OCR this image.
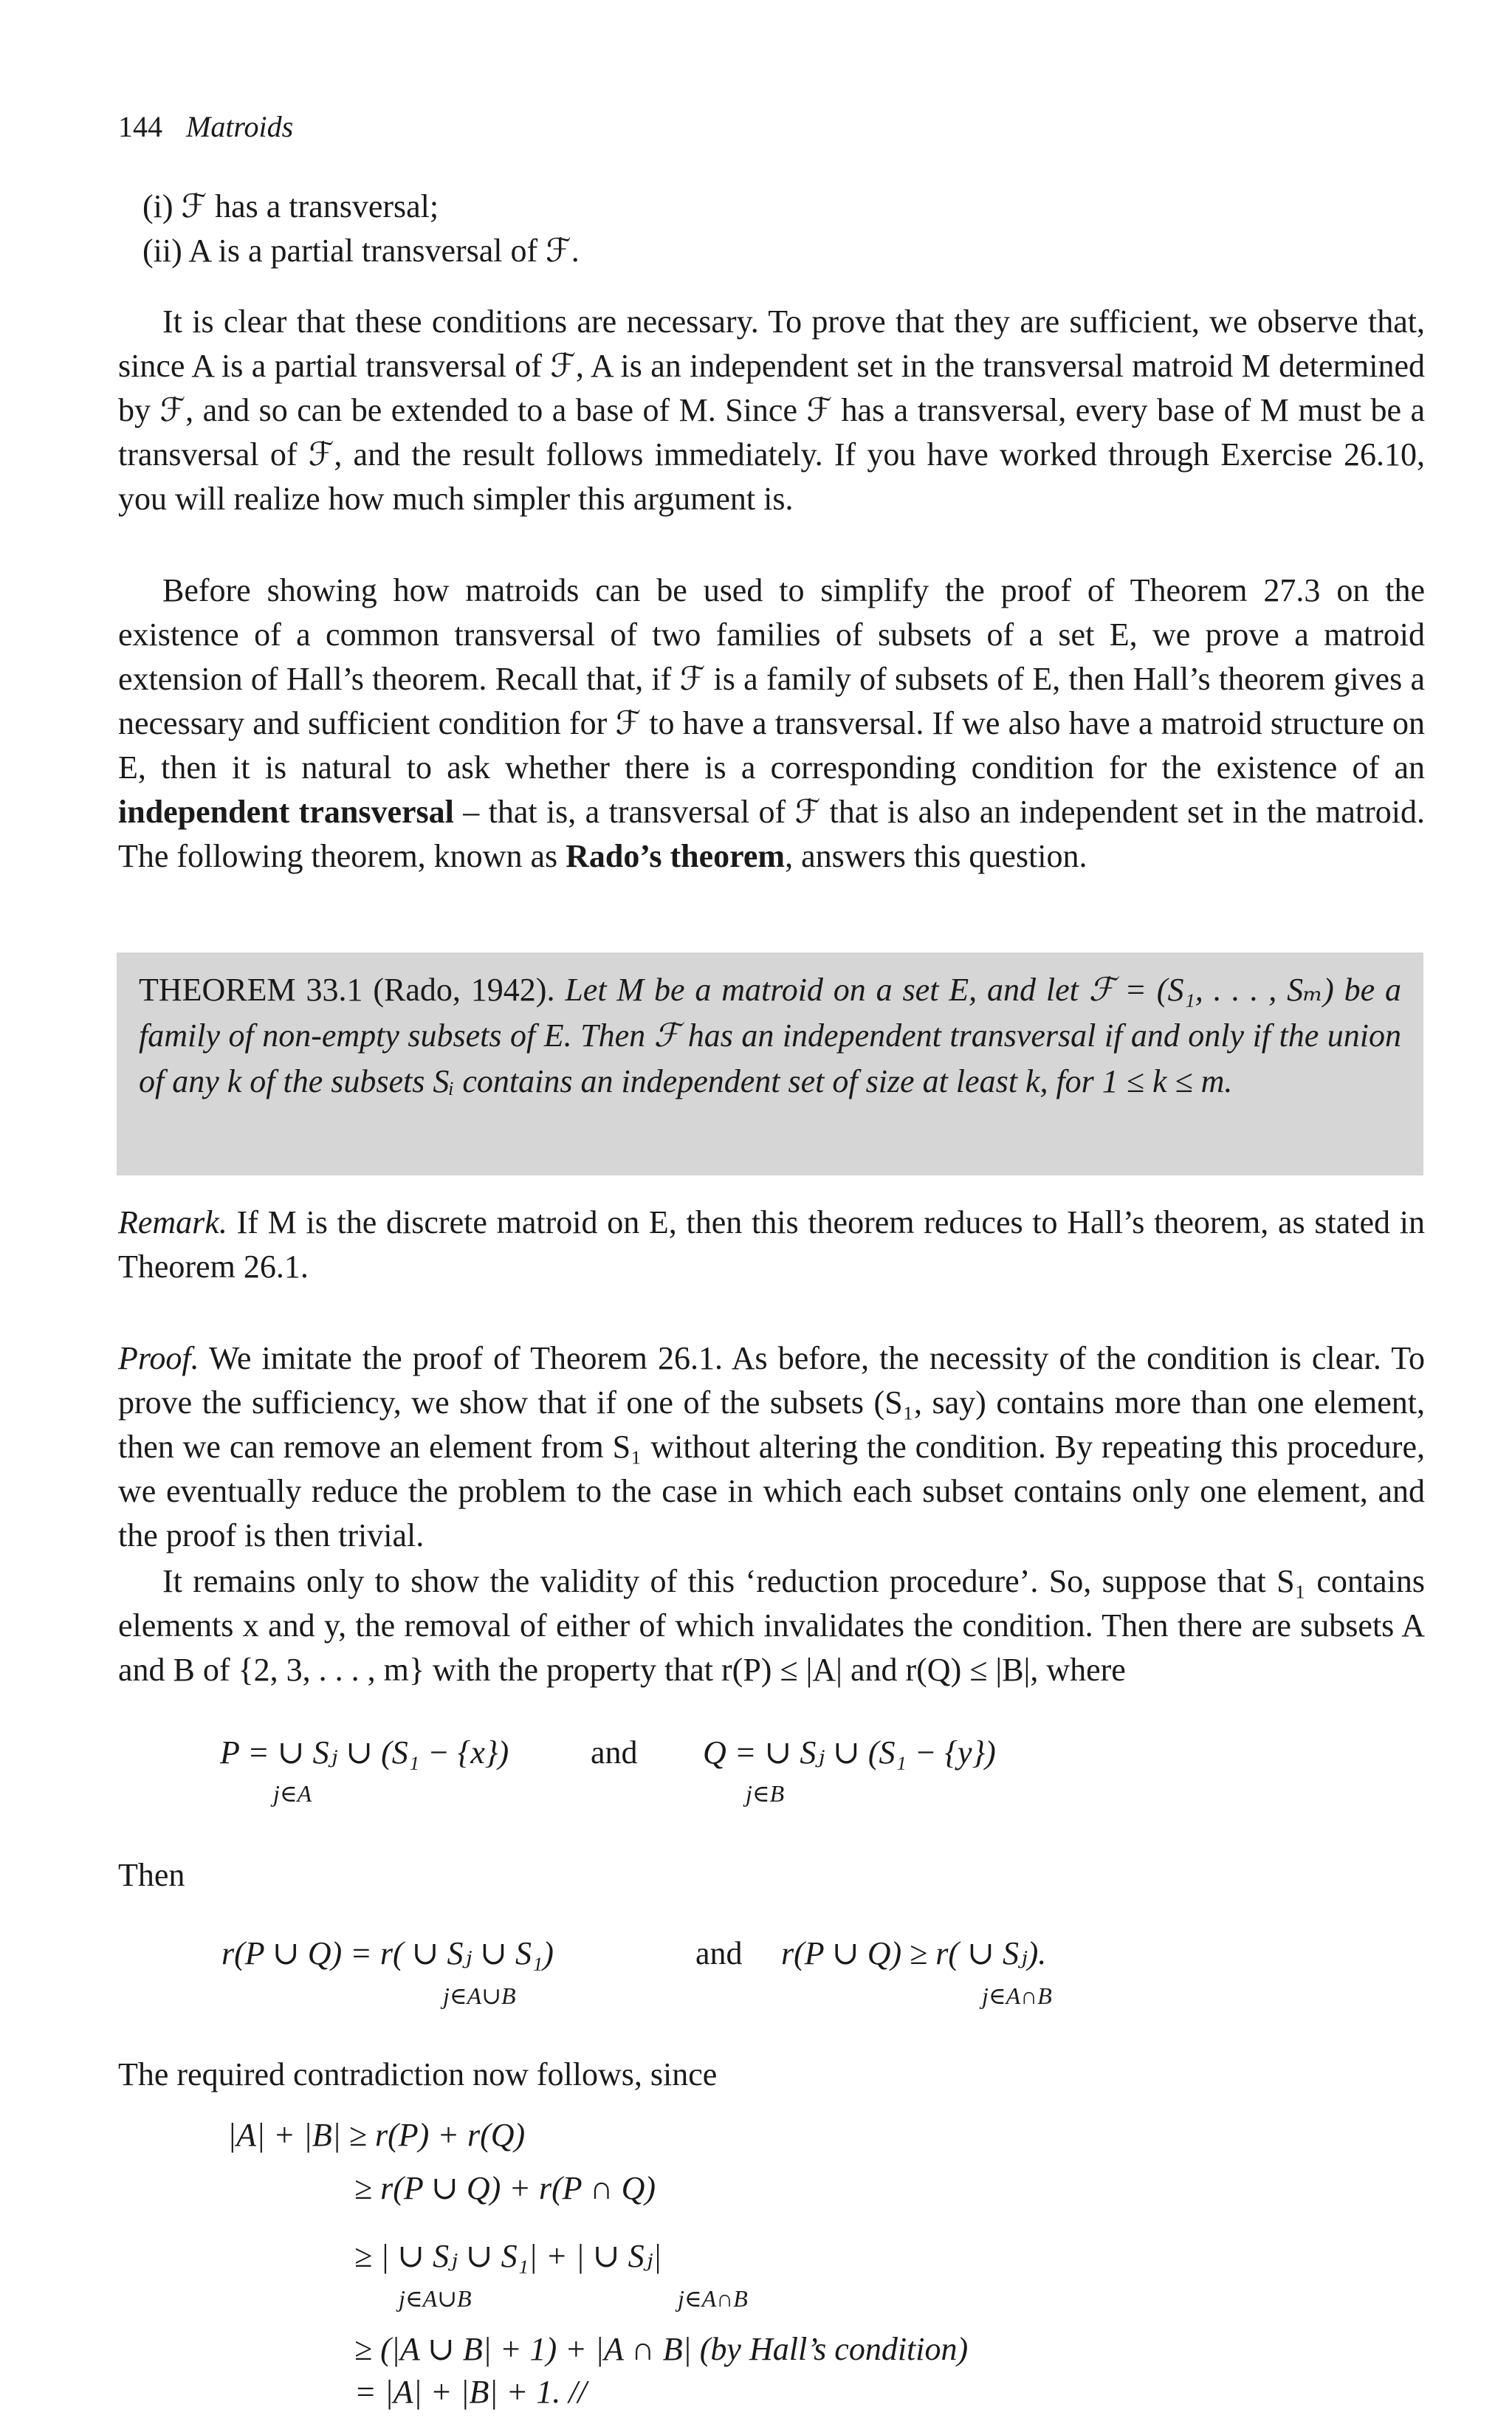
144 Matroids
(i) ℱ has a transversal;
(ii) A is a partial transversal of ℱ.

It is clear that these conditions are necessary. To prove that they are sufficient, we observe that, since A is a partial transversal of ℱ, A is an independent set in the transversal matroid M determined by ℱ, and so can be extended to a base of M. Since ℱ has a transversal, every base of M must be a transversal of ℱ, and the result follows immediately. If you have worked through Exercise 26.10, you will realize how much simpler this argument is.

Before showing how matroids can be used to simplify the proof of Theorem 27.3 on the existence of a common transversal of two families of subsets of a set E, we prove a matroid extension of Hall’s theorem. Recall that, if ℱ is a family of subsets of E, then Hall’s theorem gives a necessary and sufficient condition for ℱ to have a transversal. If we also have a matroid structure on E, then it is natural to ask whether there is a corresponding condition for the existence of an independent transversal – that is, a transversal of ℱ that is also an independent set in the matroid. The following theorem, known as Rado’s theorem, answers this question.

THEOREM 33.1 (Rado, 1942). Let M be a matroid on a set E, and let ℱ = (S₁, . . . , Sₘ) be a family of non-empty subsets of E. Then ℱ has an independent transversal if and only if the union of any k of the subsets Sᵢ contains an independent set of size at least k, for 1 ≤ k ≤ m.

Remark. If M is the discrete matroid on E, then this theorem reduces to Hall’s theorem, as stated in Theorem 26.1.

Proof. We imitate the proof of Theorem 26.1. As before, the necessity of the condition is clear. To prove the sufficiency, we show that if one of the subsets (S₁, say) contains more than one element, then we can remove an element from S₁ without altering the condition. By repeating this procedure, we eventually reduce the problem to the case in which each subset contains only one element, and the proof is then trivial.

It remains only to show the validity of this ‘reduction procedure’. So, suppose that S₁ contains elements x and y, the removal of either of which invalidates the condition. Then there are subsets A and B of {2, 3, . . . , m} with the property that r(P) ≤ |A| and r(Q) ≤ |B|, where

P = ∪ Sⱼ ∪ (S₁ − {x})
j∈A
and Q = ∪ Sⱼ ∪ (S₁ − {y})
j∈B
Then
r(P ∪ Q) = r( ∪ Sⱼ ∪ S₁)
j∈A∪B
and r(P ∪ Q) ≥ r( ∪ Sⱼ).
j∈A∩B
The required contradiction now follows, since
|A| + |B| ≥ r(P) + r(Q)
≥ r(P ∪ Q) + r(P ∩ Q)
≥ | ∪ Sⱼ ∪ S₁| + | ∪ Sⱼ|
j∈A∪B	j∈A∩B
≥ (|A ∪ B| + 1) + |A ∩ B| (by Hall’s condition)
= |A| + |B| + 1. //
